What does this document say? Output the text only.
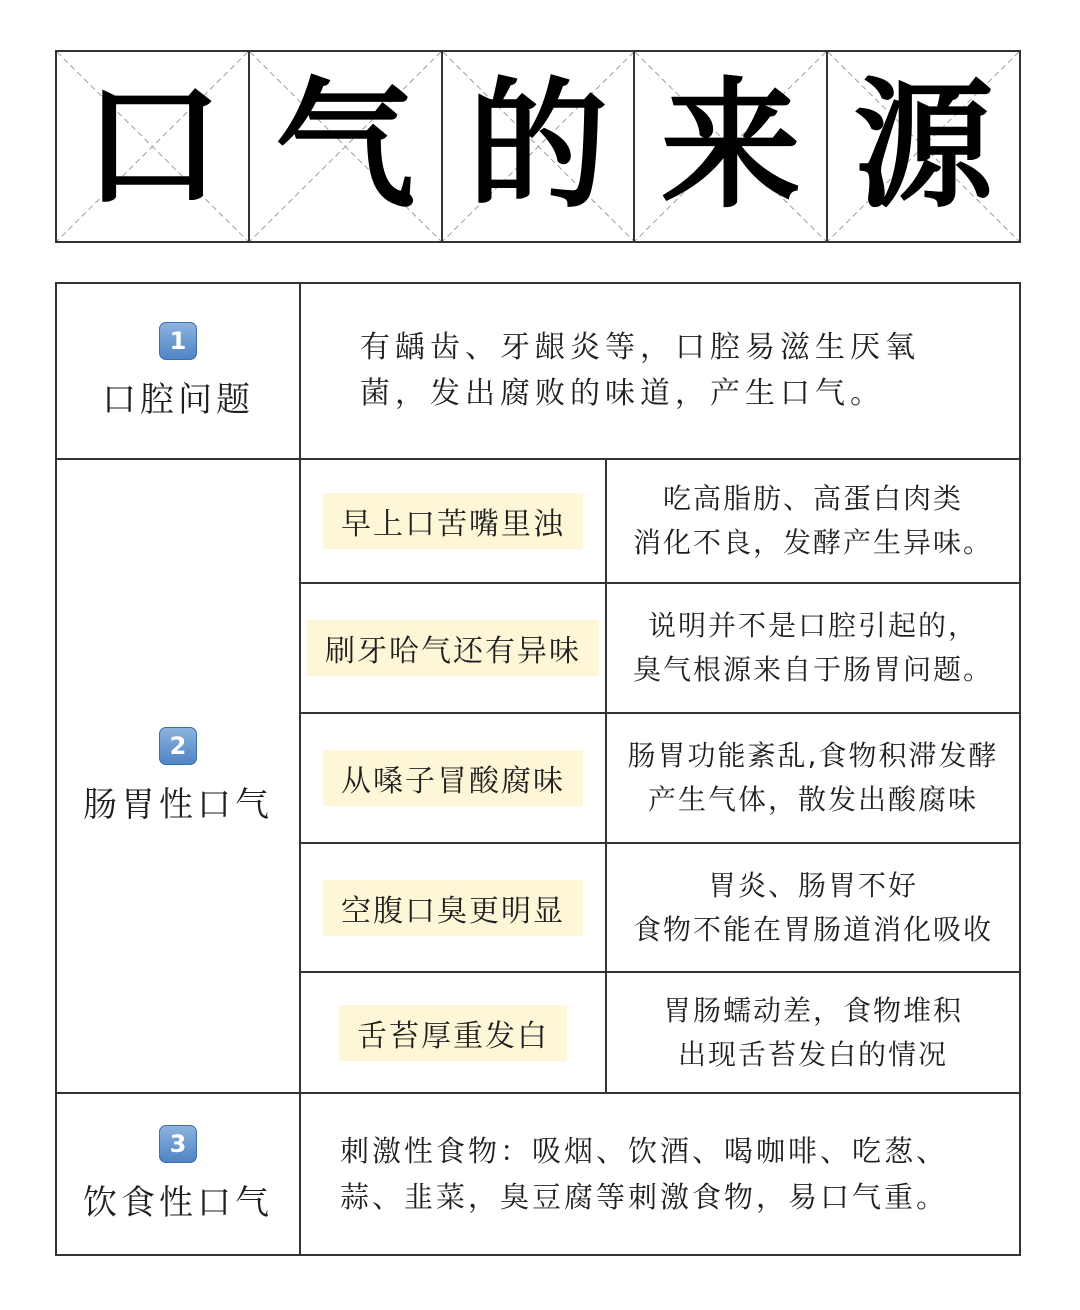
口 气 的 来 源
1
口腔问题
有龋齿、牙龈炎等，口腔易滋生厌氧
菌，发出腐败的味道，产生口气。
2
肠胃性口气
早上口苦嘴里浊
吃高脂肪、高蛋白肉类
消化不良，发酵产生异味。
刷牙哈气还有异味
说明并不是口腔引起的，
臭气根源来自于肠胃问题。
从嗓子冒酸腐味
肠胃功能紊乱,食物积滞发酵
产生气体，散发出酸腐味
空腹口臭更明显
胃炎、肠胃不好
食物不能在胃肠道消化吸收
舌苔厚重发白
胃肠蠕动差，食物堆积
出现舌苔发白的情况
3
饮食性口气
刺激性食物：吸烟、饮酒、喝咖啡、吃葱、
蒜、韭菜，臭豆腐等刺激食物，易口气重。
